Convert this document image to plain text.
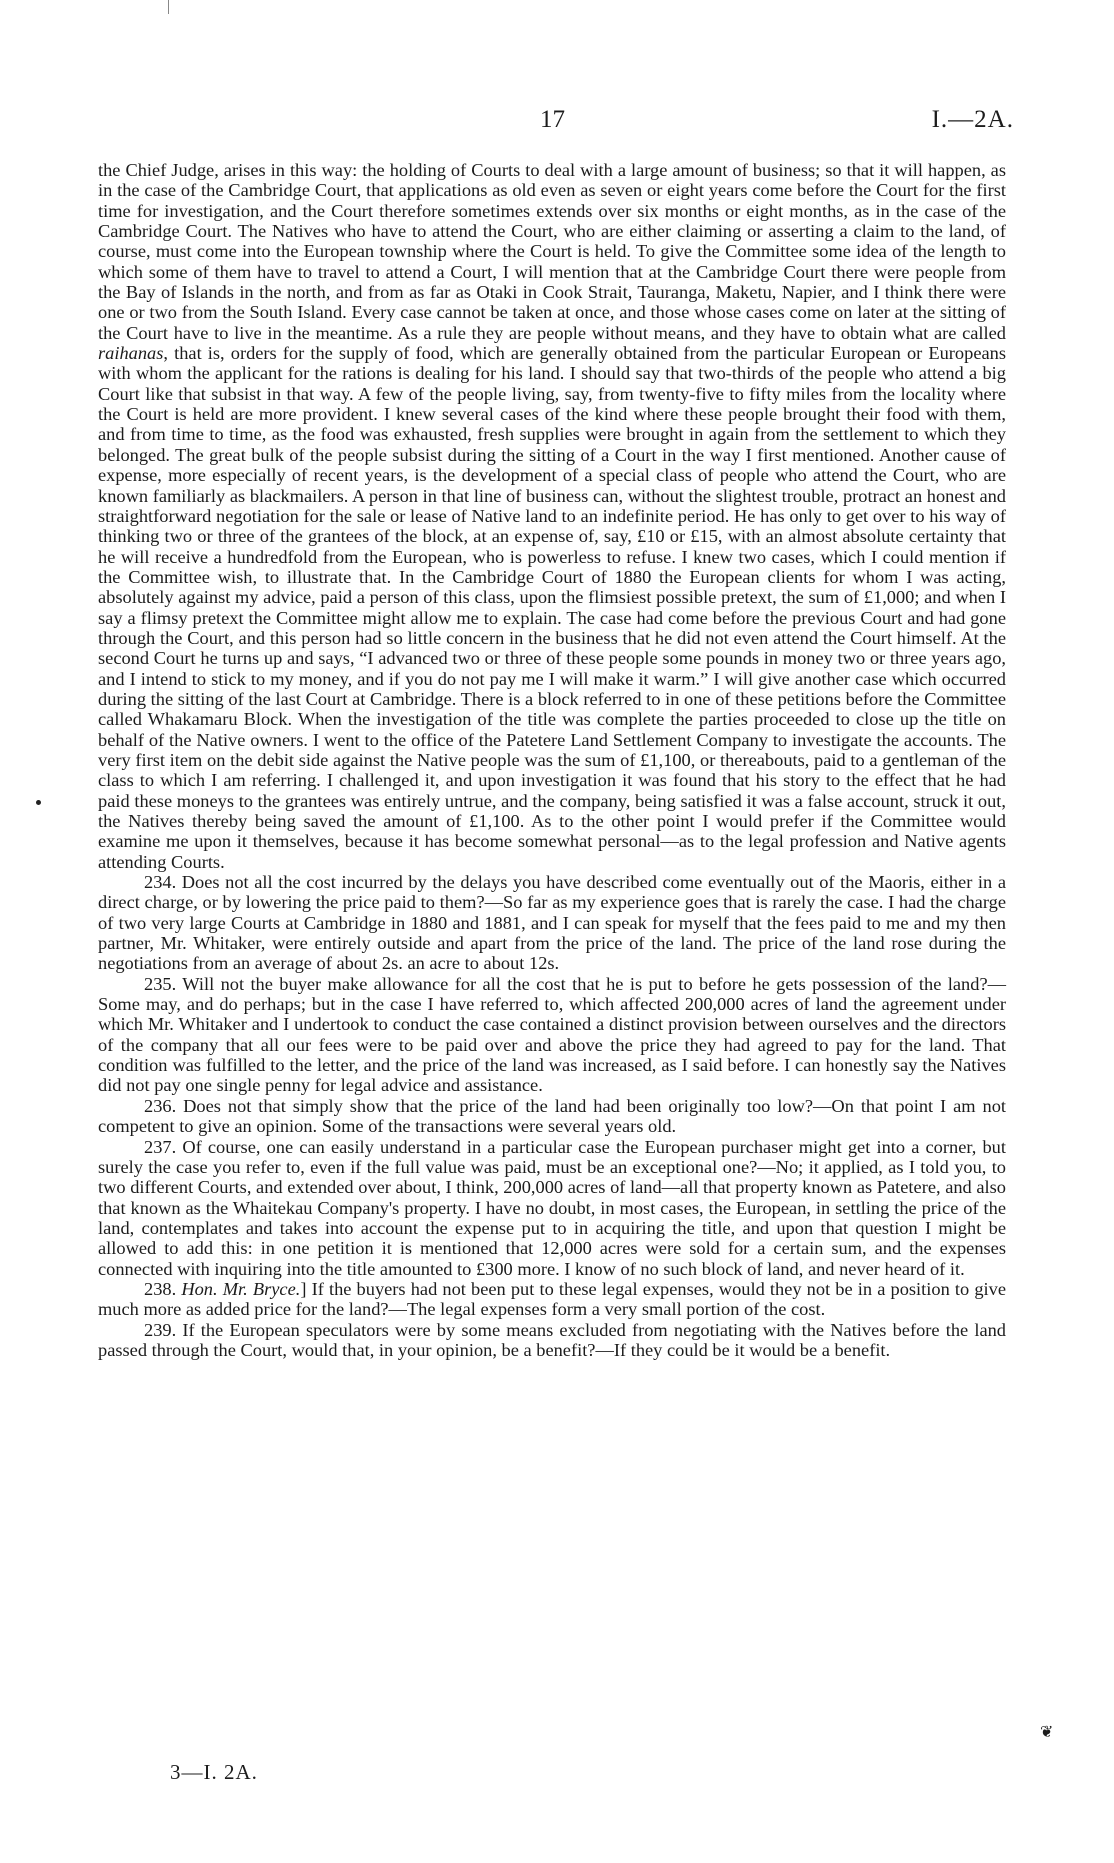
17	I.—2A.

the Chief Judge, arises in this way: the holding of Courts to deal with a large amount of business; so that it will happen, as in the case of the Cambridge Court, that applications as old even as seven or eight years come before the Court for the first time for investigation, and the Court therefore sometimes extends over six months or eight months, as in the case of the Cambridge Court. The Natives who have to attend the Court, who are either claiming or asserting a claim to the land, of course, must come into the European township where the Court is held. To give the Committee some idea of the length to which some of them have to travel to attend a Court, I will mention that at the Cambridge Court there were people from the Bay of Islands in the north, and from as far as Otaki in Cook Strait, Tauranga, Maketu, Napier, and I think there were one or two from the South Island. Every case cannot be taken at once, and those whose cases come on later at the sitting of the Court have to live in the meantime. As a rule they are people without means, and they have to obtain what are called raihanas, that is, orders for the supply of food, which are generally obtained from the particular European or Europeans with whom the applicant for the rations is dealing for his land. I should say that two-thirds of the people who attend a big Court like that subsist in that way. A few of the people living, say, from twenty-five to fifty miles from the locality where the Court is held are more provident. I knew several cases of the kind where these people brought their food with them, and from time to time, as the food was exhausted, fresh supplies were brought in again from the settlement to which they belonged. The great bulk of the people subsist during the sitting of a Court in the way I first mentioned. Another cause of expense, more especially of recent years, is the development of a special class of people who attend the Court, who are known familiarly as blackmailers. A person in that line of business can, without the slightest trouble, protract an honest and straightforward negotiation for the sale or lease of Native land to an indefinite period. He has only to get over to his way of thinking two or three of the grantees of the block, at an expense of, say, £10 or £15, with an almost absolute certainty that he will receive a hundredfold from the European, who is powerless to refuse. I knew two cases, which I could mention if the Committee wish, to illustrate that. In the Cambridge Court of 1880 the European clients for whom I was acting, absolutely against my advice, paid a person of this class, upon the flimsiest possible pretext, the sum of £1,000; and when I say a flimsy pretext the Committee might allow me to explain. The case had come before the previous Court and had gone through the Court, and this person had so little concern in the business that he did not even attend the Court himself. At the second Court he turns up and says, “I advanced two or three of these people some pounds in money two or three years ago, and I intend to stick to my money, and if you do not pay me I will make it warm.” I will give another case which occurred during the sitting of the last Court at Cambridge. There is a block referred to in one of these petitions before the Committee called Whakamaru Block. When the investigation of the title was complete the parties proceeded to close up the title on behalf of the Native owners. I went to the office of the Patetere Land Settlement Company to investigate the accounts. The very first item on the debit side against the Native people was the sum of £1,100, or thereabouts, paid to a gentleman of the class to which I am referring. I challenged it, and upon investigation it was found that his story to the effect that he had paid these moneys to the grantees was entirely untrue, and the company, being satisfied it was a false account, struck it out, the Natives thereby being saved the amount of £1,100. As to the other point I would prefer if the Committee would examine me upon it themselves, because it has become somewhat personal—as to the legal profession and Native agents attending Courts.

234. Does not all the cost incurred by the delays you have described come eventually out of the Maoris, either in a direct charge, or by lowering the price paid to them?—So far as my experience goes that is rarely the case. I had the charge of two very large Courts at Cambridge in 1880 and 1881, and I can speak for myself that the fees paid to me and my then partner, Mr. Whitaker, were entirely outside and apart from the price of the land. The price of the land rose during the negotiations from an average of about 2s. an acre to about 12s.

235. Will not the buyer make allowance for all the cost that he is put to before he gets possession of the land?—Some may, and do perhaps; but in the case I have referred to, which affected 200,000 acres of land the agreement under which Mr. Whitaker and I undertook to conduct the case contained a distinct provision between ourselves and the directors of the company that all our fees were to be paid over and above the price they had agreed to pay for the land. That condition was fulfilled to the letter, and the price of the land was increased, as I said before. I can honestly say the Natives did not pay one single penny for legal advice and assistance.

236. Does not that simply show that the price of the land had been originally too low?—On that point I am not competent to give an opinion. Some of the transactions were several years old.

237. Of course, one can easily understand in a particular case the European purchaser might get into a corner, but surely the case you refer to, even if the full value was paid, must be an exceptional one?—No; it applied, as I told you, to two different Courts, and extended over about, I think, 200,000 acres of land—all that property known as Patetere, and also that known as the Whaitekau Company's property. I have no doubt, in most cases, the European, in settling the price of the land, contemplates and takes into account the expense put to in acquiring the title, and upon that question I might be allowed to add this: in one petition it is mentioned that 12,000 acres were sold for a certain sum, and the expenses connected with inquiring into the title amounted to £300 more. I know of no such block of land, and never heard of it.

238. Hon. Mr. Bryce.] If the buyers had not been put to these legal expenses, would they not be in a position to give much more as added price for the land?—The legal expenses form a very small portion of the cost.

239. If the European speculators were by some means excluded from negotiating with the Natives before the land passed through the Court, would that, in your opinion, be a benefit?—If they could be it would be a benefit.

❦
3—I. 2A.
